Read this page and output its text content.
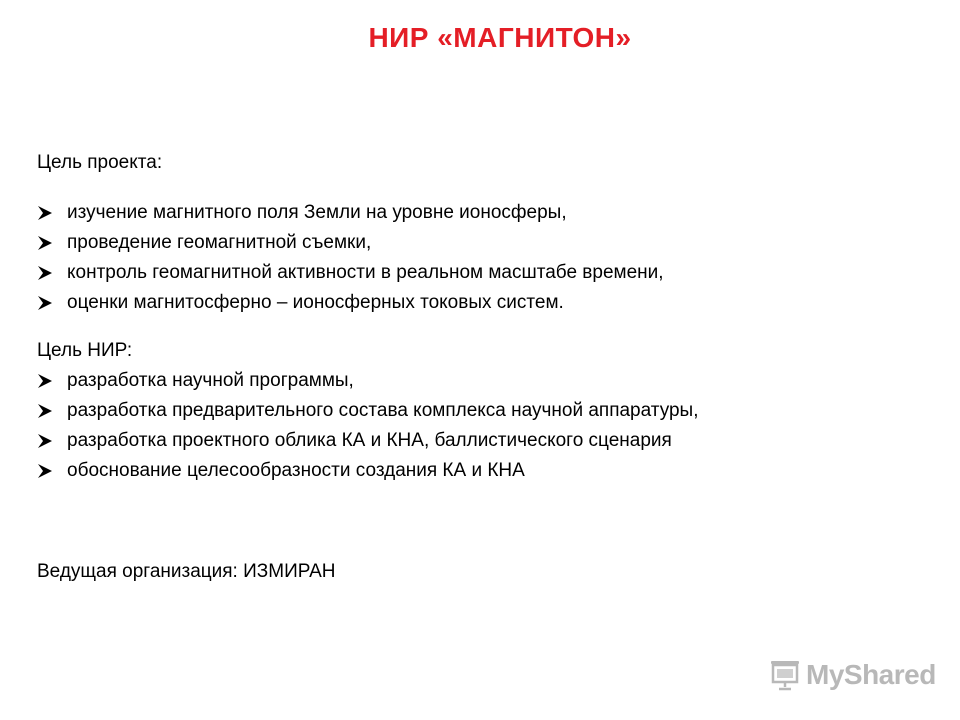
НИР «МАГНИТОН»
Цель проекта:
изучение магнитного поля Земли на уровне ионосферы,
проведение геомагнитной съемки,
контроль геомагнитной активности в реальном масштабе времени,
оценки магнитосферно – ионосферных токовых систем.
Цель НИР:
разработка научной программы,
разработка предварительного состава комплекса научной аппаратуры,
разработка проектного облика КА и КНА, баллистического сценария
обоснование целесообразности создания КА и КНА
Ведущая организация: ИЗМИРАН
MyShared
